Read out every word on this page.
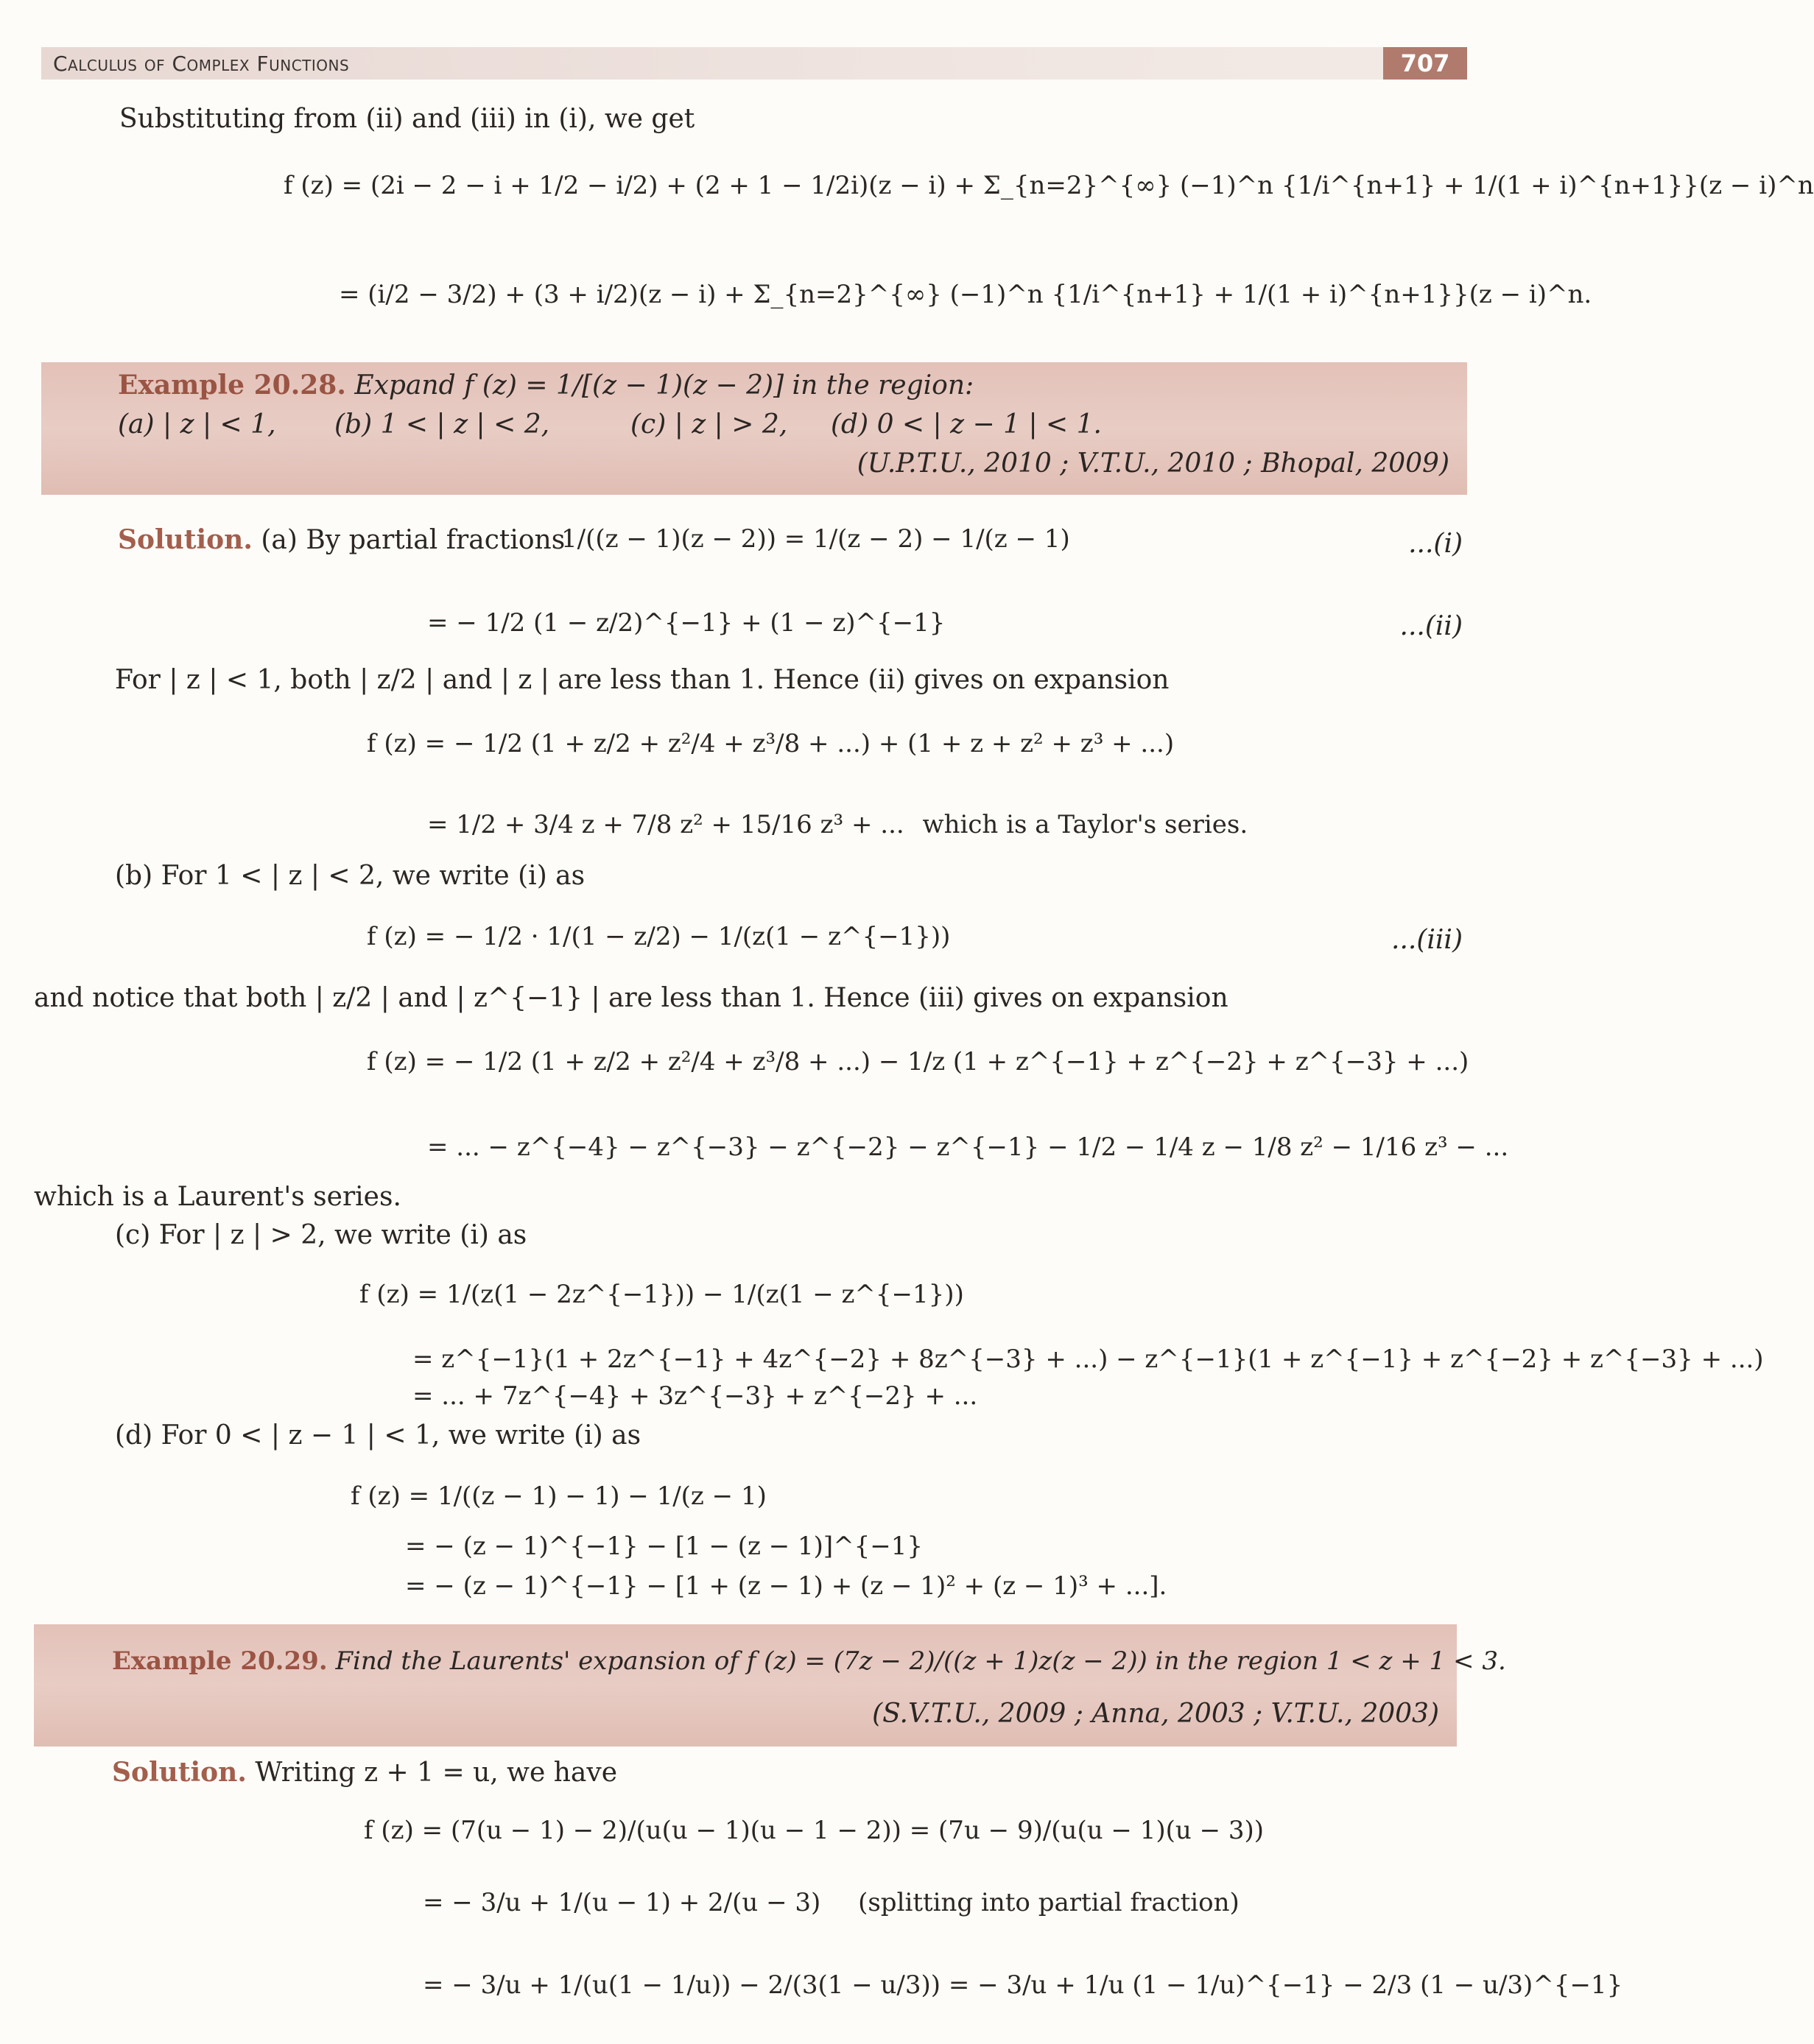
Calculus of Complex Functions	707
Substituting from (ii) and (iii) in (i), we get
f (z) = (2i − 2 − i + 1/2 − i/2) + (2 + 1 − 1/2i)(z − i) + Σ_{n=2}^{∞} (−1)^n {1/i^{n+1} + 1/(1 + i)^{n+1}}(z − i)^n
= (i/2 − 3/2) + (3 + i/2)(z − i) + Σ_{n=2}^{∞} (−1)^n {1/i^{n+1} + 1/(1 + i)^{n+1}}(z − i)^n.
Example 20.28. Expand f (z) = 1/[(z − 1)(z − 2)] in the region:
(a) | z | < 1, (b) 1 < | z | < 2,	(c) | z | > 2, (d) 0 < | z − 1 | < 1.
(U.P.T.U., 2010 ; V.T.U., 2010 ; Bhopal, 2009)
Solution. (a) By partial fractions
1/((z − 1)(z − 2)) = 1/(z − 2) − 1/(z − 1)	...(i)
= − 1/2 (1 − z/2)^{−1} + (1 − z)^{−1}	...(ii)
For | z | < 1, both | z/2 | and | z | are less than 1. Hence (ii) gives on expansion
f (z) = − 1/2 (1 + z/2 + z²/4 + z³/8 + ...) + (1 + z + z² + z³ + ...)
= 1/2 + 3/4 z + 7/8 z² + 15/16 z³ + ... which is a Taylor's series.
(b) For 1 < | z | < 2, we write (i) as
f (z) = − 1/2 · 1/(1 − z/2) − 1/(z(1 − z^{−1}))	...(iii)
and notice that both | z/2 | and | z^{−1} | are less than 1. Hence (iii) gives on expansion
f (z) = − 1/2 (1 + z/2 + z²/4 + z³/8 + ...) − 1/z (1 + z^{−1} + z^{−2} + z^{−3} + ...)
= ... − z^{−4} − z^{−3} − z^{−2} − z^{−1} − 1/2 − 1/4 z − 1/8 z² − 1/16 z³ − ...
which is a Laurent's series.
(c) For | z | > 2, we write (i) as
f (z) = 1/(z(1 − 2z^{−1})) − 1/(z(1 − z^{−1}))
= z^{−1}(1 + 2z^{−1} + 4z^{−2} + 8z^{−3} + ...) − z^{−1}(1 + z^{−1} + z^{−2} + z^{−3} + ...)
= ... + 7z^{−4} + 3z^{−3} + z^{−2} + ...
(d) For 0 < | z − 1 | < 1, we write (i) as
f (z) = 1/((z − 1) − 1) − 1/(z − 1)
= − (z − 1)^{−1} − [1 − (z − 1)]^{−1}
= − (z − 1)^{−1} − [1 + (z − 1) + (z − 1)² + (z − 1)³ + ...].
Example 20.29. Find the Laurents' expansion of f (z) = (7z − 2)/((z + 1)z(z − 2)) in the region 1 < z + 1 < 3.
(S.V.T.U., 2009 ; Anna, 2003 ; V.T.U., 2003)
Solution. Writing z + 1 = u, we have
f (z) = (7(u − 1) − 2)/(u(u − 1)(u − 1 − 2)) = (7u − 9)/(u(u − 1)(u − 3))
= − 3/u + 1/(u − 1) + 2/(u − 3) (splitting into partial fraction)
= − 3/u + 1/(u(1 − 1/u)) − 2/(3(1 − u/3)) = − 3/u + 1/u (1 − 1/u)^{−1} − 2/3 (1 − u/3)^{−1}
